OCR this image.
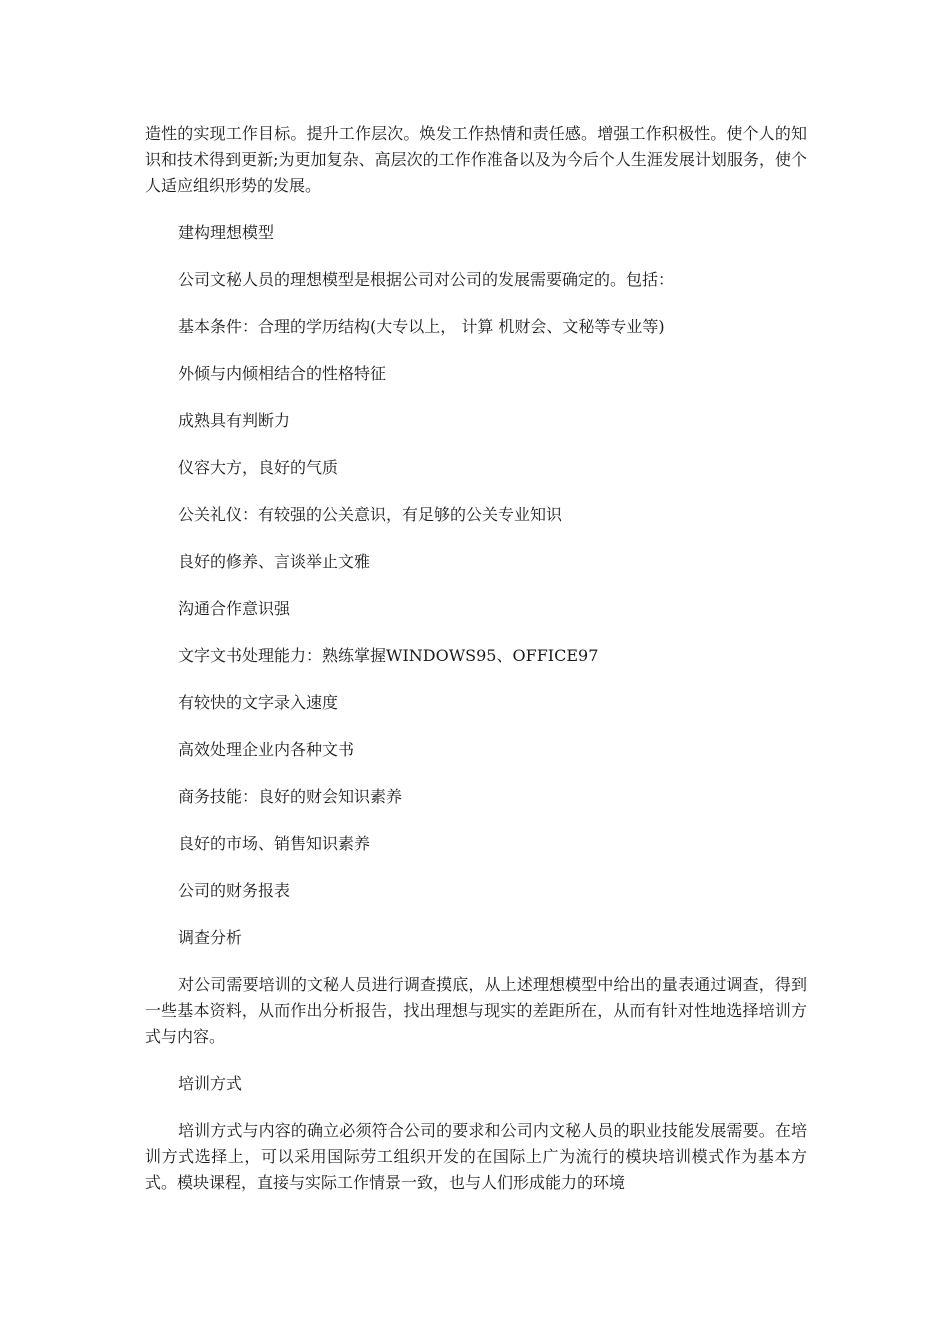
造性的实现工作目标。提升工作层次。焕发工作热情和责任感。增强工作积极性。使个人的知识和技术得到更新;为更加复杂、高层次的工作作准备以及为今后个人生涯发展计划服务，使个人适应组织形势的发展。

建构理想模型

公司文秘人员的理想模型是根据公司对公司的发展需要确定的。包括：

基本条件：合理的学历结构(大专以上， 计算 机财会、文秘等专业等)

外倾与内倾相结合的性格特征

成熟具有判断力

仪容大方，良好的气质

公关礼仪：有较强的公关意识，有足够的公关专业知识

良好的修养、言谈举止文雅

沟通合作意识强

文字文书处理能力：熟练掌握WINDOWS95、OFFICE97

有较快的文字录入速度

高效处理企业内各种文书

商务技能：良好的财会知识素养

良好的市场、销售知识素养

公司的财务报表

调查分析

对公司需要培训的文秘人员进行调查摸底，从上述理想模型中给出的量表通过调查，得到一些基本资料，从而作出分析报告，找出理想与现实的差距所在，从而有针对性地选择培训方式与内容。

培训方式

培训方式与内容的确立必须符合公司的要求和公司内文秘人员的职业技能发展需要。在培训方式选择上，可以采用国际劳工组织开发的在国际上广为流行的模块培训模式作为基本方式。模块课程，直接与实际工作情景一致，也与人们形成能力的环境
